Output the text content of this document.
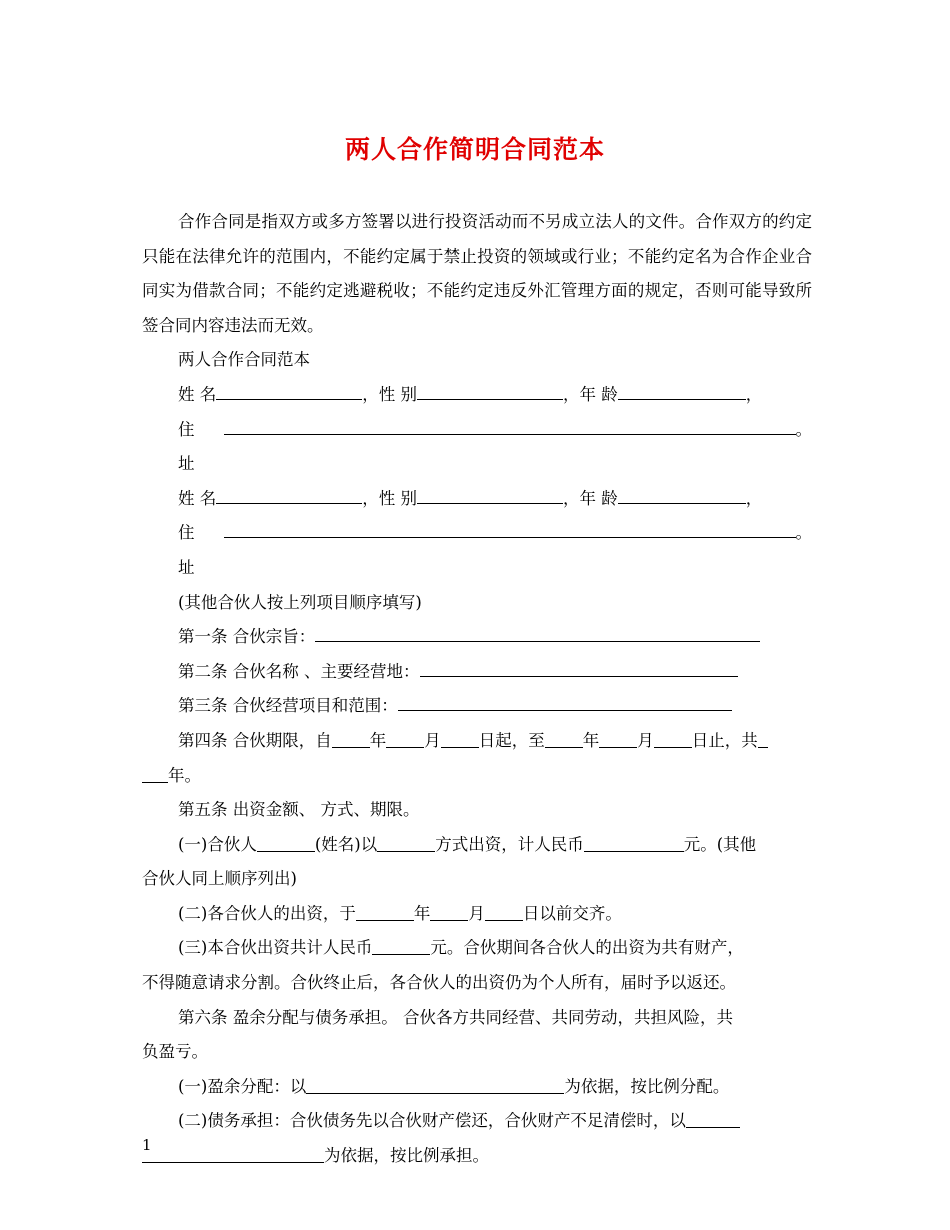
两人合作简明合同范本

合作合同是指双方或多方签署以进行投资活动而不另成立法人的文件。合作双方的约定只能在法律允许的范围内，不能约定属于禁止投资的领域或行业；不能约定名为合作企业合同实为借款合同；不能约定逃避税收；不能约定违反外汇管理方面的规定，否则可能导致所签合同内容违法而无效。

两人合作合同范本

姓 名	， 性 别	， 年 龄	，
住 址
。
姓 名	， 性 别	， 年 龄	，
住 址
。

(其他合伙人按上列项目顺序填写)

第一条 合伙宗旨：
第二条 合伙名称 、主要经营地：
第三条 合伙经营项目和范围：
第四条 合伙期限，自 年 月 日起，至 年 月 日止，共
年。

第五条 出资金额、 方式、期限。

(一)合伙人	(姓名)以	方式出资，计人民币	元。(其他

合伙人同上顺序列出)

(二)各合伙人的出资，于	年 月 日以前交齐。
(三)本合伙出资共计人民币	元。合伙期间各合伙人的出资为共有财产，

不得随意请求分割。合伙终止后，各合伙人的出资仍为个人所有，届时予以返还。

第六条 盈余分配与债务承担。 合伙各方共同经营、共同劳动，共担风险，共

负盈亏。

(一)盈余分配：以	为依据，按比例分配。
(二)债务承担：合伙债务先以合伙财产偿还，合伙财产不足清偿时，以
为依据，按比例承担。
1
